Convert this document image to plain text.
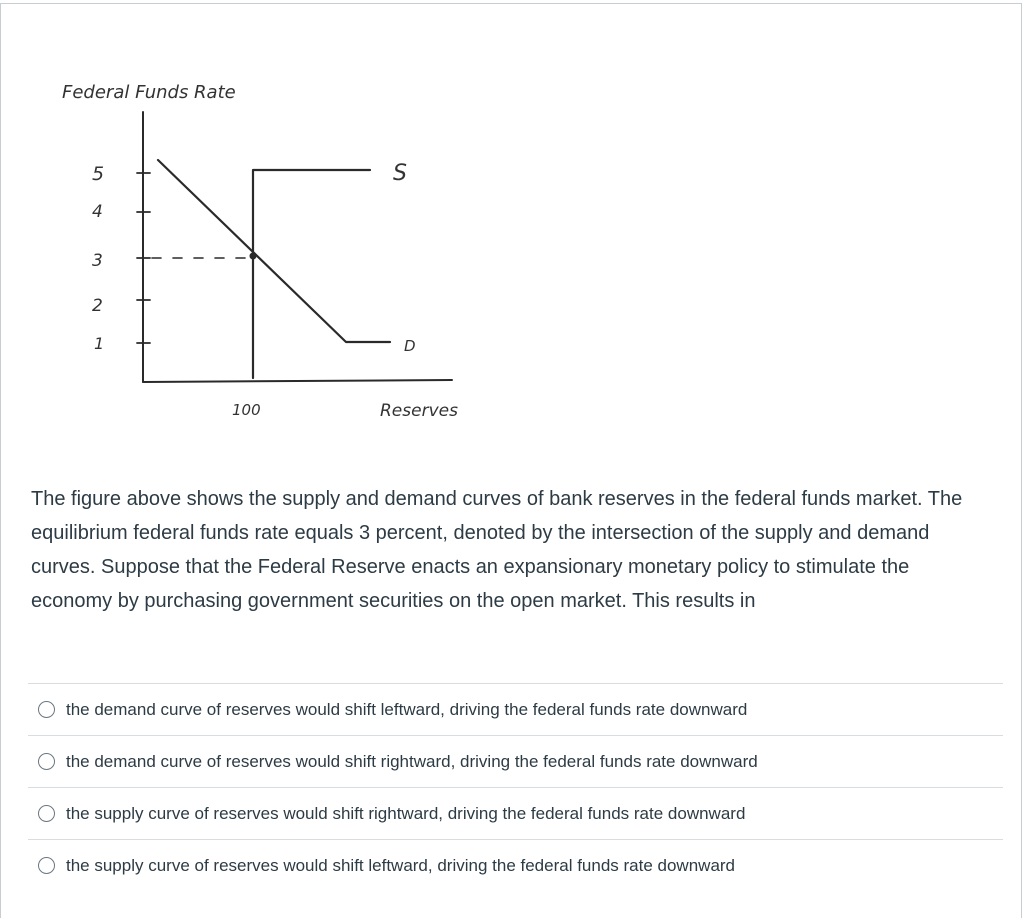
Federal Funds Rate
5
4
3
2
1
S
D
100	Reserves
The figure above shows the supply and demand curves of bank reserves in the federal funds market. The equilibrium federal funds rate equals 3 percent, denoted by the intersection of the supply and demand curves. Suppose that the Federal Reserve enacts an expansionary monetary policy to stimulate the economy by purchasing government securities on the open market. This results in
the demand curve of reserves would shift leftward, driving the federal funds rate downward
the demand curve of reserves would shift rightward, driving the federal funds rate downward
the supply curve of reserves would shift rightward, driving the federal funds rate downward
the supply curve of reserves would shift leftward, driving the federal funds rate downward
